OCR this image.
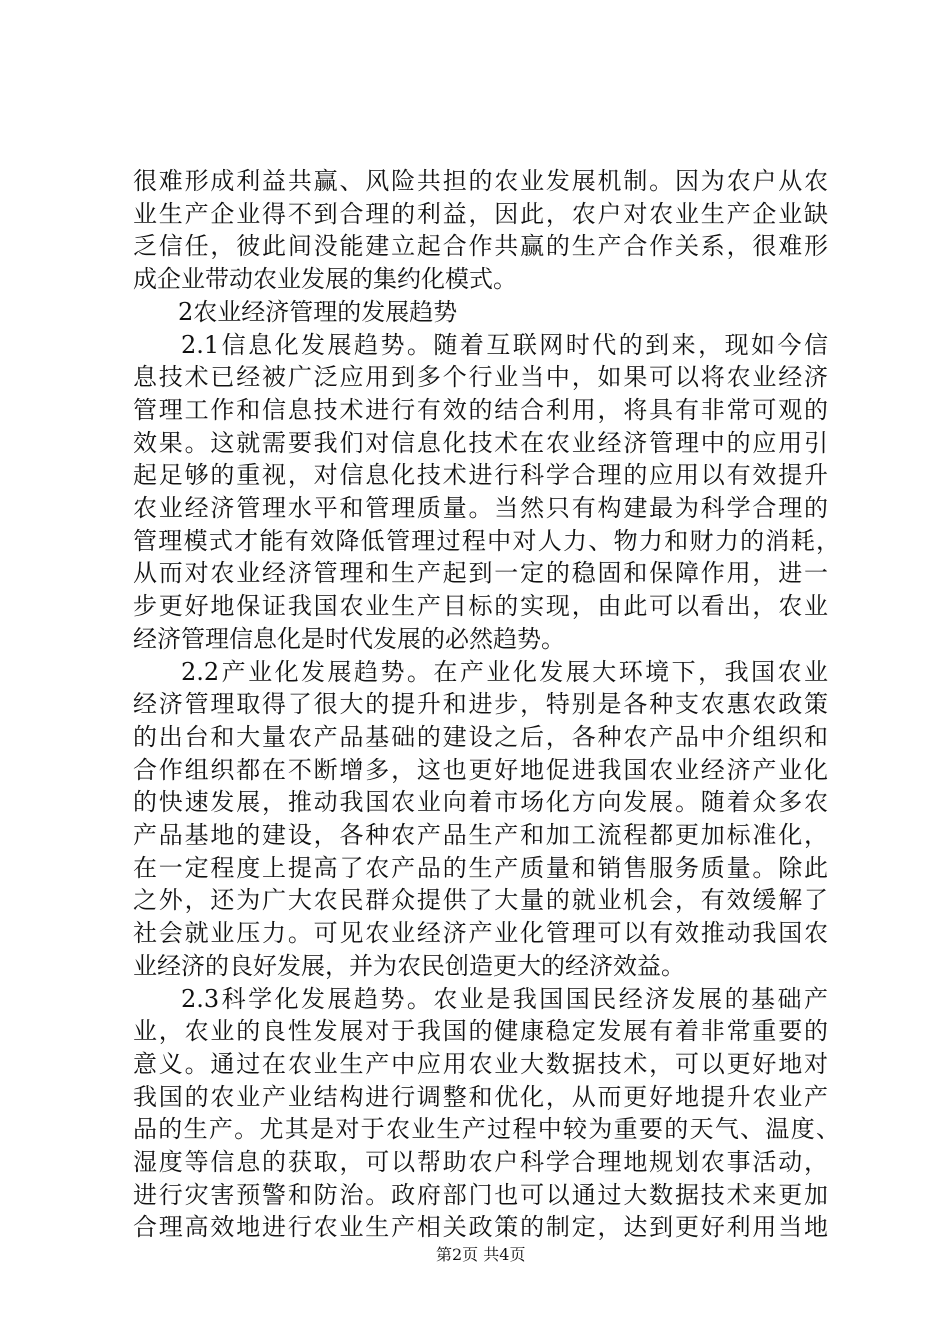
很难形成利益共赢、风险共担的农业发展机制。因为农户从农
业生产企业得不到合理的利益，因此，农户对农业生产企业缺
乏信任，彼此间没能建立起合作共赢的生产合作关系，很难形
成企业带动农业发展的集约化模式。
2农业经济管理的发展趋势
2.1信息化发展趋势。随着互联网时代的到来，现如今信
息技术已经被广泛应用到多个行业当中，如果可以将农业经济
管理工作和信息技术进行有效的结合利用，将具有非常可观的
效果。这就需要我们对信息化技术在农业经济管理中的应用引
起足够的重视，对信息化技术进行科学合理的应用以有效提升
农业经济管理水平和管理质量。当然只有构建最为科学合理的
管理模式才能有效降低管理过程中对人力、物力和财力的消耗，
从而对农业经济管理和生产起到一定的稳固和保障作用，进一
步更好地保证我国农业生产目标的实现，由此可以看出，农业
经济管理信息化是时代发展的必然趋势。
2.2产业化发展趋势。在产业化发展大环境下，我国农业
经济管理取得了很大的提升和进步，特别是各种支农惠农政策
的出台和大量农产品基础的建设之后，各种农产品中介组织和
合作组织都在不断增多，这也更好地促进我国农业经济产业化
的快速发展，推动我国农业向着市场化方向发展。随着众多农
产品基地的建设，各种农产品生产和加工流程都更加标准化，
在一定程度上提高了农产品的生产质量和销售服务质量。除此
之外，还为广大农民群众提供了大量的就业机会，有效缓解了
社会就业压力。可见农业经济产业化管理可以有效推动我国农
业经济的良好发展，并为农民创造更大的经济效益。
2.3科学化发展趋势。农业是我国国民经济发展的基础产
业，农业的良性发展对于我国的健康稳定发展有着非常重要的
意义。通过在农业生产中应用农业大数据技术，可以更好地对
我国的农业产业结构进行调整和优化，从而更好地提升农业产
品的生产。尤其是对于农业生产过程中较为重要的天气、温度、
湿度等信息的获取，可以帮助农户科学合理地规划农事活动，
进行灾害预警和防治。政府部门也可以通过大数据技术来更加
合理高效地进行农业生产相关政策的制定，达到更好利用当地
第2页 共4页
